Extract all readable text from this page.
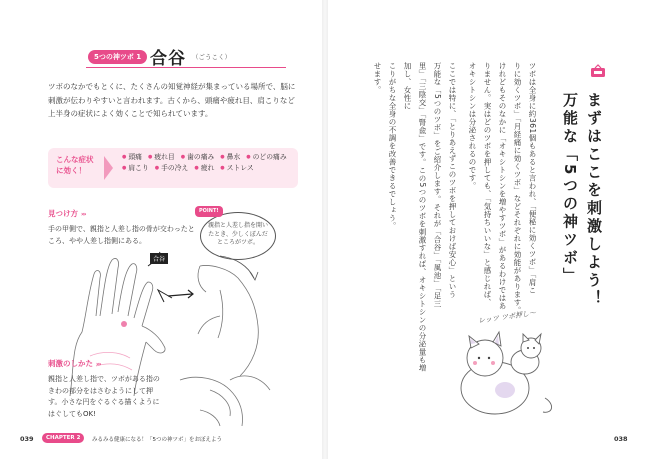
5つの神ツボ 1 合谷 （ごうこく）
ツボのなかでもとくに、たくさんの知覚神経が集まっている場所で、脳に刺激が伝わりやすいと言われます。古くから、頭痛や疲れ目、肩こりなど上半身の症状によく効くことで知られています。
こんな症状に効く！
● 頭痛	● 疲れ目	● 歯の痛み	● 鼻水	● のどの痛み
● 肩こり	● 手の冷え	● 疲れ	● ストレス
見つけ方 ›››
手の甲側で、親指と人差し指の骨が交わったところ、やや人差し指側にある。
POINT!
親指と人差し指を開いたとき、少しくぼんだところがツボ。
合谷
刺激のしかた ›››
親指と人差し指で、ツボがある指のきわの部分をはさむようにして押す。小さな円をぐるぐる描くようにはぐしてもOK!
039	CHAPTER 2	みるみる健康になる！「5つの神ツボ」をおぼえよう	038
まずはここを刺激しよう！
万能な「5つの神ツボ」
ツボは全身に約361個もあると言われ、「便秘に効くツボ」「肩こ
りに効くツボ」「月経痛に効くツボ」などそれぞれに効能があります。
けれどもそのなかに「オキシトシンを増やすツボ」があるわけではあ
りません。実はどのツボを押しても、「気持ちいいな」と感じれば、
オキシトシンは分泌されるのです。
ここでは特に、「とりあえずこのツボを押しておけば安心」という
万能な「5つのツボ」をご紹介します。それが「合谷」「風池」「足三
里」「三陰交」「腎兪」です。この5つのツボを刺激すれば、オキシトシンの分泌量も増
加し、女性に
こりがちな全身の不調を改善できるでしょう。
せます。
レッツ ツボ押し～
